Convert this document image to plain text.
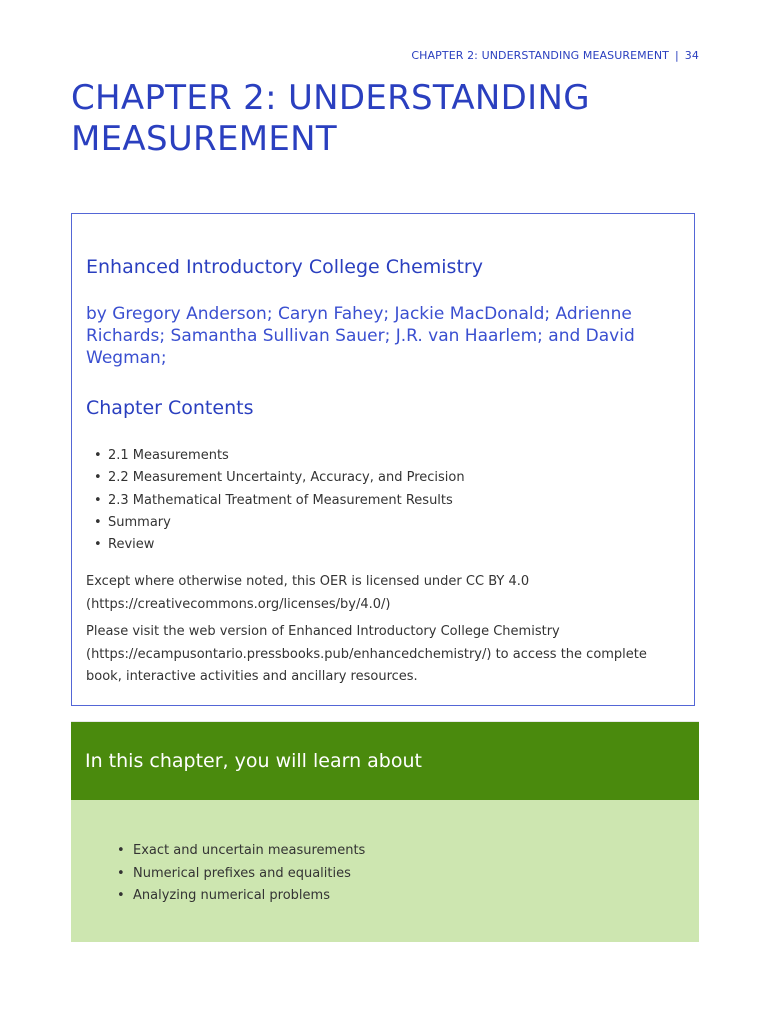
CHAPTER 2: UNDERSTANDING MEASUREMENT | 34
CHAPTER 2: UNDERSTANDING MEASUREMENT
Enhanced Introductory College Chemistry

by Gregory Anderson; Caryn Fahey; Jackie MacDonald; Adrienne Richards; Samantha Sullivan Sauer; J.R. van Haarlem; and David Wegman;

Chapter Contents
• 2.1 Measurements
• 2.2 Measurement Uncertainty, Accuracy, and Precision
• 2.3 Mathematical Treatment of Measurement Results
• Summary
• Review

Except where otherwise noted, this OER is licensed under CC BY 4.0 (https://creativecommons.org/licenses/by/4.0/)

Please visit the web version of Enhanced Introductory College Chemistry (https://ecampusontario.pressbooks.pub/enhancedchemistry/) to access the complete book, interactive activities and ancillary resources.

In this chapter, you will learn about
• Exact and uncertain measurements
• Numerical prefixes and equalities
• Analyzing numerical problems
